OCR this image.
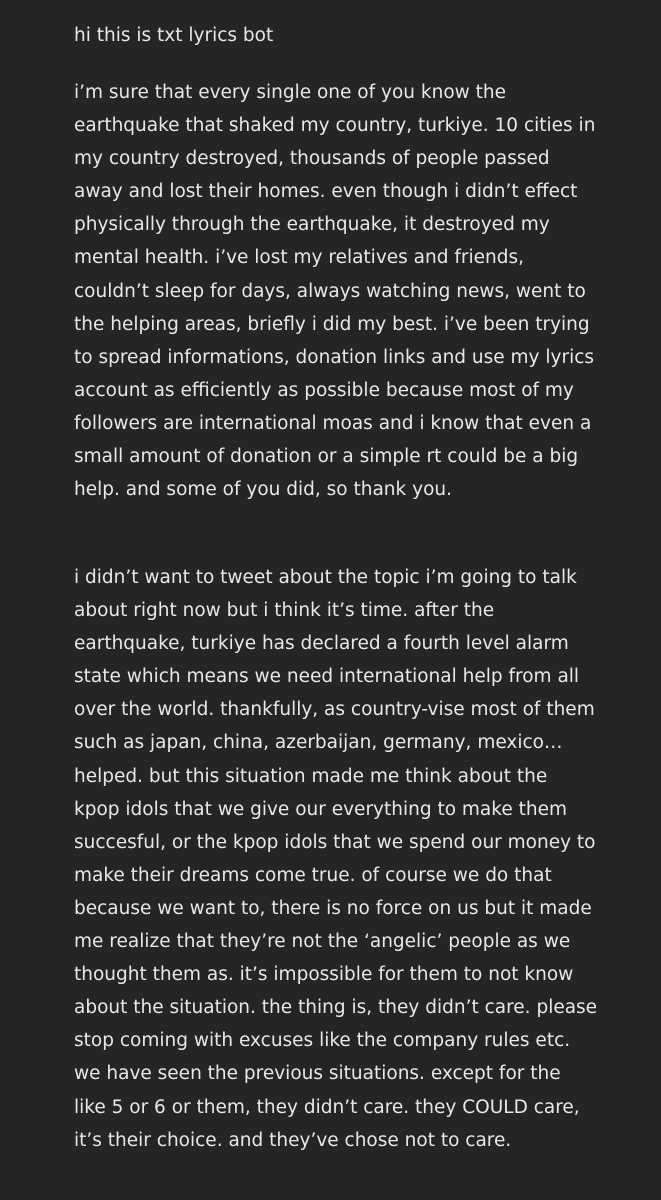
hi this is txt lyrics bot
i’m sure that every single one of you know the
earthquake that shaked my country, turkiye. 10 cities in
my country destroyed, thousands of people passed
away and lost their homes. even though i didn’t effect
physically through the earthquake, it destroyed my
mental health. i’ve lost my relatives and friends,
couldn’t sleep for days, always watching news, went to
the helping areas, briefly i did my best. i’ve been trying
to spread informations, donation links and use my lyrics
account as efficiently as possible because most of my
followers are international moas and i know that even a
small amount of donation or a simple rt could be a big
help. and some of you did, so thank you.
i didn’t want to tweet about the topic i’m going to talk
about right now but i think it’s time. after the
earthquake, turkiye has declared a fourth level alarm
state which means we need international help from all
over the world. thankfully, as country-vise most of them
such as japan, china, azerbaijan, germany, mexico…
helped. but this situation made me think about the
kpop idols that we give our everything to make them
succesful, or the kpop idols that we spend our money to
make their dreams come true. of course we do that
because we want to, there is no force on us but it made
me realize that they’re not the ‘angelic’ people as we
thought them as. it’s impossible for them to not know
about the situation. the thing is, they didn’t care. please
stop coming with excuses like the company rules etc.
we have seen the previous situations. except for the
like 5 or 6 or them, they didn’t care. they COULD care,
it’s their choice. and they’ve chose not to care.
